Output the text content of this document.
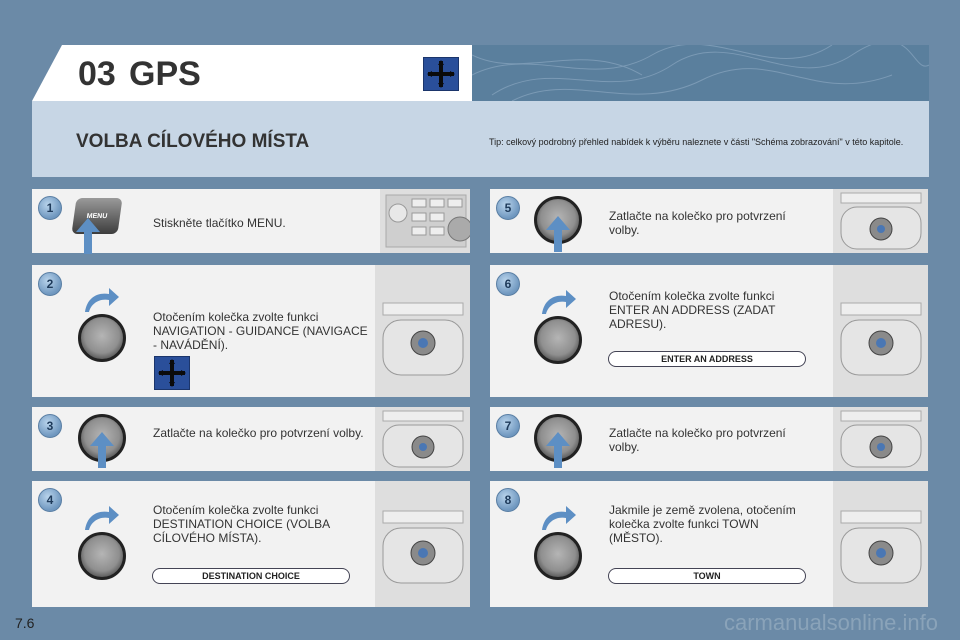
03 GPS
VOLBA CÍLOVÉHO MÍSTA	Tip: celkový podrobný přehled nabídek k výběru naleznete v části "Schéma zobrazování" v této kapitole.
1
MENU	Stiskněte tlačítko MENU.
2
Otočením kolečka zvolte funkci NAVIGATION - GUIDANCE (NAVIGACE - NAVÁDĚNÍ).
3	Zatlačte na kolečko pro potvrzení volby.
4
Otočením kolečka zvolte funkci DESTINATION CHOICE (VOLBA CÍLOVÉHO MÍSTA).
DESTINATION CHOICE
5
Zatlačte na kolečko pro potvrzení volby.
6
Otočením kolečka zvolte funkci ENTER AN ADDRESS (ZADAT ADRESU).
ENTER AN ADDRESS
7	Zatlačte na kolečko pro potvrzení volby.
8
Jakmile je země zvolena, otočením kolečka zvolte funkci TOWN (MĚSTO).
TOWN
7.6	carmanualsonline.info
